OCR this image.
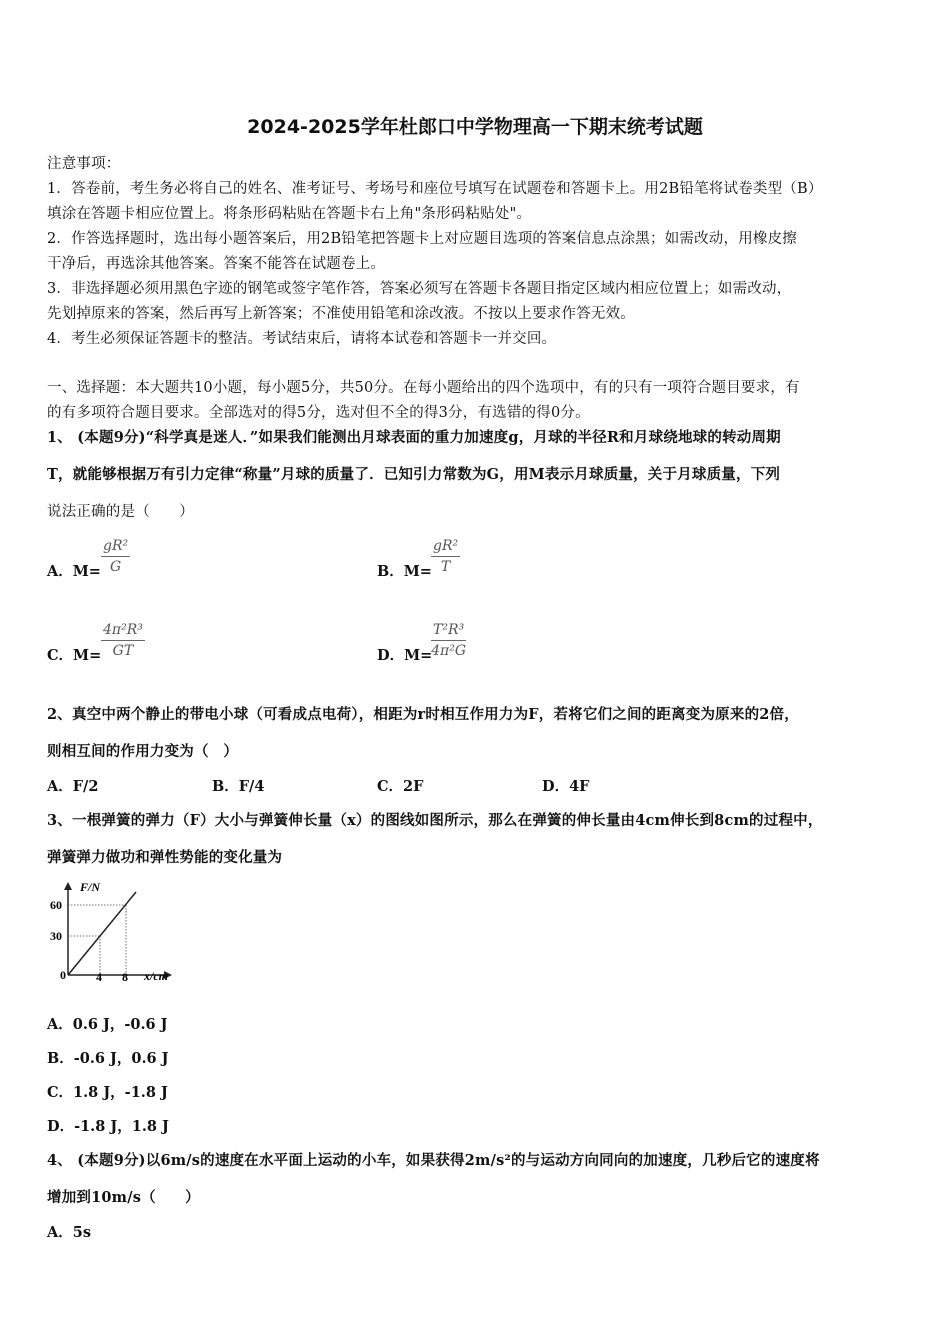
2024-2025学年杜郎口中学物理高一下期末统考试题
注意事项：
1．答卷前，考生务必将自己的姓名、准考证号、考场号和座位号填写在试题卷和答题卡上。用2B铅笔将试卷类型（B）
填涂在答题卡相应位置上。将条形码粘贴在答题卡右上角"条形码粘贴处"。
2．作答选择题时，选出每小题答案后，用2B铅笔把答题卡上对应题目选项的答案信息点涂黑；如需改动，用橡皮擦
干净后，再选涂其他答案。答案不能答在试题卷上。
3．非选择题必须用黑色字迹的钢笔或签字笔作答，答案必须写在答题卡各题目指定区域内相应位置上；如需改动，
先划掉原来的答案，然后再写上新答案；不准使用铅笔和涂改液。不按以上要求作答无效。
4．考生必须保证答题卡的整洁。考试结束后，请将本试卷和答题卡一并交回。
一、选择题：本大题共10小题，每小题5分，共50分。在每小题给出的四个选项中，有的只有一项符合题目要求，有
的有多项符合题目要求。全部选对的得5分，选对但不全的得3分，有选错的得0分。
1、 (本题9分)“科学真是迷人．”如果我们能测出月球表面的重力加速度g，月球的半径R和月球绕地球的转动周期
T，就能够根据万有引力定律“称量”月球的质量了．已知引力常数为G，用M表示月球质量，关于月球质量，下列
说法正确的是（　　）
A．$M= \frac{\text{gR²}}{G}$	B．$M= \frac{\text{gR²}}{T}$
C．$M= \frac{\text{4π²R³}}{GT}$	D．M=
$\frac{\text{T²R³}}{\text{4π²G}}$
2、真空中两个静止的带电小球（可看成点电荷），相距为r时相互作用力为F，若将它们之间的距离变为原来的2倍，
则相互间的作用力变为（　）
A．F/2	B．F/4	C．2F	D．4F
3、一根弹簧的弹力（F）大小与弹簧伸长量（x）的图线如图所示，那么在弹簧的伸长量由4cm伸长到8cm的过程中，
弹簧弹力做功和弹性势能的变化量为
F/N
60
30
0	4 8 x/cm
A．0.6 J，-0.6 J
B．-0.6 J，0.6 J
C．1.8 J，-1.8 J
D．-1.8 J，1.8 J
4、 (本题9分)以6m/s的速度在水平面上运动的小车，如果获得2m/s²的与运动方向同向的加速度，几秒后它的速度将
增加到10m/s（　　）
A．5s
